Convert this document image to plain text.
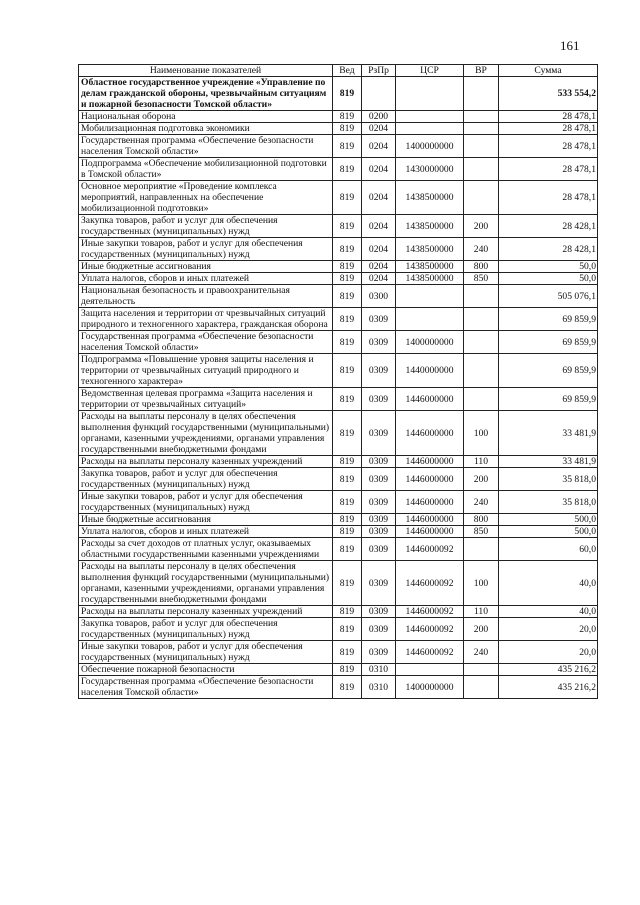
161
Наименование показателей	Вед	РзПр	ЦСР	ВР	Сумма
Областное государственное учреждение «Управление по делам гражданской обороны, чрезвычайным ситуациям и пожарной безопасности Томской области»	819				533 554,2
Национальная оборона	819	0200			28 478,1
Мобилизационная подготовка экономики	819	0204			28 478,1
Государственная программа «Обеспечение безопасности населения Томской области»	819	0204	1400000000		28 478,1
Подпрограмма «Обеспечение мобилизационной подготовки в Томской области»	819	0204	1430000000		28 478,1
Основное мероприятие «Проведение комплекса мероприятий, направленных на обеспечение мобилизационной подготовки»	819	0204	1438500000		28 478,1
Закупка товаров, работ и услуг для обеспечения государственных (муниципальных) нужд	819	0204	1438500000	200	28 428,1
Иные закупки товаров, работ и услуг для обеспечения государственных (муниципальных) нужд	819	0204	1438500000	240	28 428,1
Иные бюджетные ассигнования	819	0204	1438500000	800	50,0
Уплата налогов, сборов и иных платежей	819	0204	1438500000	850	50,0
Национальная безопасность и правоохранительная деятельность	819	0300			505 076,1
Защита населения и территории от чрезвычайных ситуаций природного и техногенного характера, гражданская оборона	819	0309			69 859,9
Государственная программа «Обеспечение безопасности населения Томской области»	819	0309	1400000000		69 859,9
Подпрограмма «Повышение уровня защиты населения и территории от чрезвычайных ситуаций природного и техногенного характера»	819	0309	1440000000		69 859,9
Ведомственная целевая программа «Защита населения и территории от чрезвычайных ситуаций»	819	0309	1446000000		69 859,9
Расходы на выплаты персоналу в целях обеспечения выполнения функций государственными (муниципальными) органами, казенными учреждениями, органами управления государственными внебюджетными фондами	819	0309	1446000000	100	33 481,9
Расходы на выплаты персоналу казенных учреждений	819	0309	1446000000	110	33 481,9
Закупка товаров, работ и услуг для обеспечения государственных (муниципальных) нужд	819	0309	1446000000	200	35 818,0
Иные закупки товаров, работ и услуг для обеспечения государственных (муниципальных) нужд	819	0309	1446000000	240	35 818,0
Иные бюджетные ассигнования	819	0309	1446000000	800	500,0
Уплата налогов, сборов и иных платежей	819	0309	1446000000	850	500,0
Расходы за счет доходов от платных услуг, оказываемых областными государственными казенными учреждениями	819	0309	1446000092		60,0
Расходы на выплаты персоналу в целях обеспечения выполнения функций государственными (муниципальными) органами, казенными учреждениями, органами управления государственными внебюджетными фондами	819	0309	1446000092	100	40,0
Расходы на выплаты персоналу казенных учреждений	819	0309	1446000092	110	40,0
Закупка товаров, работ и услуг для обеспечения государственных (муниципальных) нужд	819	0309	1446000092	200	20,0
Иные закупки товаров, работ и услуг для обеспечения государственных (муниципальных) нужд	819	0309	1446000092	240	20,0
Обеспечение пожарной безопасности	819	0310			435 216,2
Государственная программа «Обеспечение безопасности населения Томской области»	819	0310	1400000000		435 216,2
